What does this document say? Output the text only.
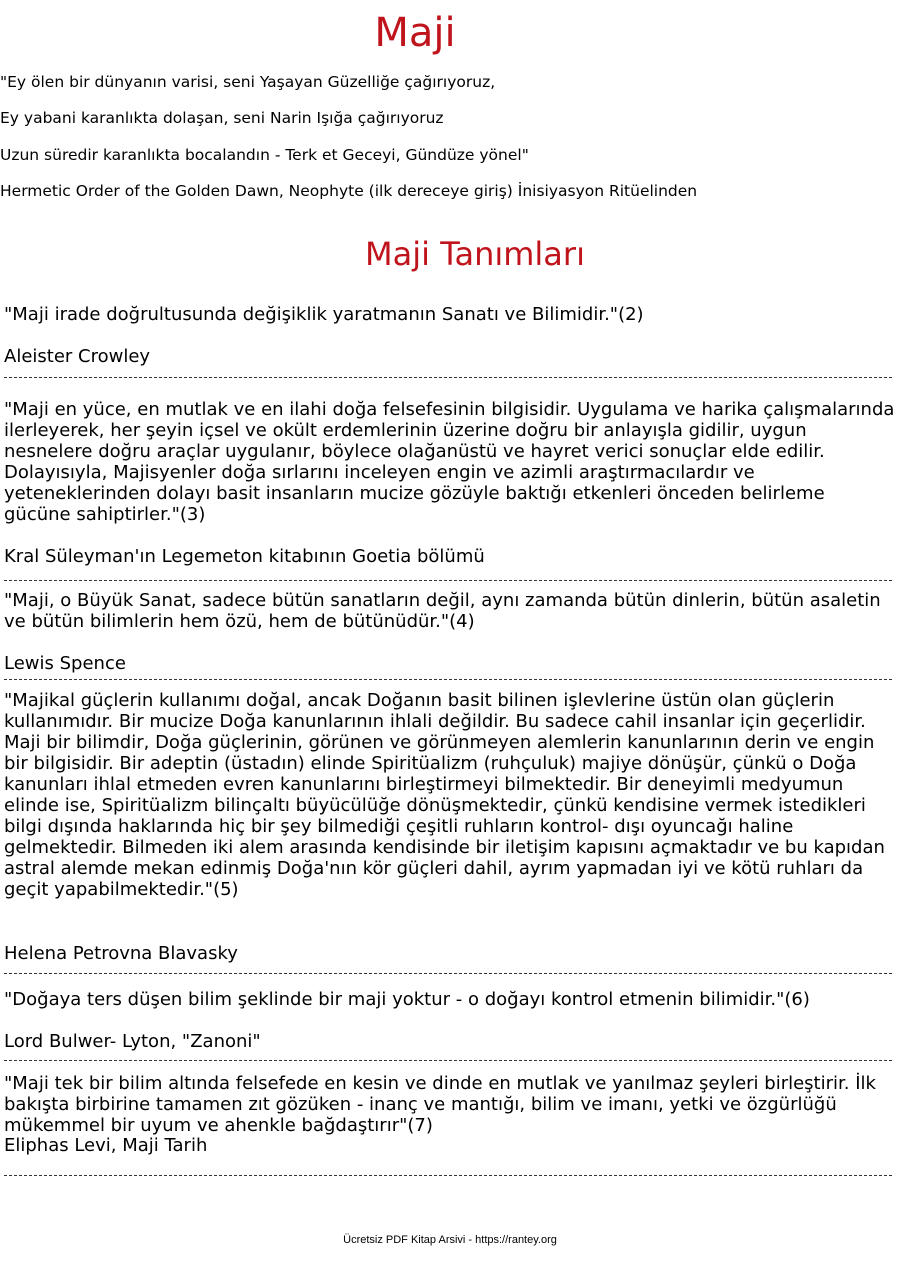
Maji

"Ey ölen bir dünyanın varisi, seni Yaşayan Güzelliğe çağırıyoruz,

Ey yabani karanlıkta dolaşan, seni Narin Işığa çağırıyoruz

Uzun süredir karanlıkta bocalandın - Terk et Geceyi, Gündüze yönel"

Hermetic Order of the Golden Dawn, Neophyte (ilk dereceye giriş) İnisiyasyon Ritüelinden

Maji Tanımları

"Maji irade doğrultusunda değişiklik yaratmanın Sanatı ve Bilimidir."(2)

Aleister Crowley

"Maji en yüce, en mutlak ve en ilahi doğa felsefesinin bilgisidir. Uygulama ve harika çalışmalarında ilerleyerek, her şeyin içsel ve okült erdemlerinin üzerine doğru bir anlayışla gidilir, uygun nesnelere doğru araçlar uygulanır, böylece olağanüstü ve hayret verici sonuçlar elde edilir. Dolayısıyla, Majisyenler doğa sırlarını inceleyen engin ve azimli araştırmacılardır ve yeteneklerinden dolayı basit insanların mucize gözüyle baktığı etkenleri önceden belirleme gücüne sahiptirler."(3)

Kral Süleyman'ın Legemeton kitabının Goetia bölümü

"Maji, o Büyük Sanat, sadece bütün sanatların değil, aynı zamanda bütün dinlerin, bütün asaletin ve bütün bilimlerin hem özü, hem de bütünüdür."(4)

Lewis Spence

"Majikal güçlerin kullanımı doğal, ancak Doğanın basit bilinen işlevlerine üstün olan güçlerin kullanımıdır. Bir mucize Doğa kanunlarının ihlali değildir. Bu sadece cahil insanlar için geçerlidir. Maji bir bilimdir, Doğa güçlerinin, görünen ve görünmeyen alemlerin kanunlarının derin ve engin bir bilgisidir. Bir adeptin (üstadın) elinde Spiritüalizm (ruhçuluk) majiye dönüşür, çünkü o Doğa kanunları ihlal etmeden evren kanunlarını birleştirmeyi bilmektedir. Bir deneyimli medyumun elinde ise, Spiritüalizm bilinçaltı büyücülüğe dönüşmektedir, çünkü kendisine vermek istedikleri bilgi dışında haklarında hiç bir şey bilmediği çeşitli ruhların kontrol- dışı oyuncağı haline gelmektedir. Bilmeden iki alem arasında kendisinde bir iletişim kapısını açmaktadır ve bu kapıdan astral alemde mekan edinmiş Doğa'nın kör güçleri dahil, ayrım yapmadan iyi ve kötü ruhları da geçit yapabilmektedir."(5)

Helena Petrovna Blavasky

"Doğaya ters düşen bilim şeklinde bir maji yoktur - o doğayı kontrol etmenin bilimidir."(6)

Lord Bulwer- Lyton, "Zanoni"

"Maji tek bir bilim altında felsefede en kesin ve dinde en mutlak ve yanılmaz şeyleri birleştirir. İlk bakışta birbirine tamamen zıt gözüken - inanç ve mantığı, bilim ve imanı, yetki ve özgürlüğü mükemmel bir uyum ve ahenkle bağdaştırır"(7)

Eliphas Levi, Maji Tarih

Ücretsiz PDF Kitap Arsivi - https://rantey.org
